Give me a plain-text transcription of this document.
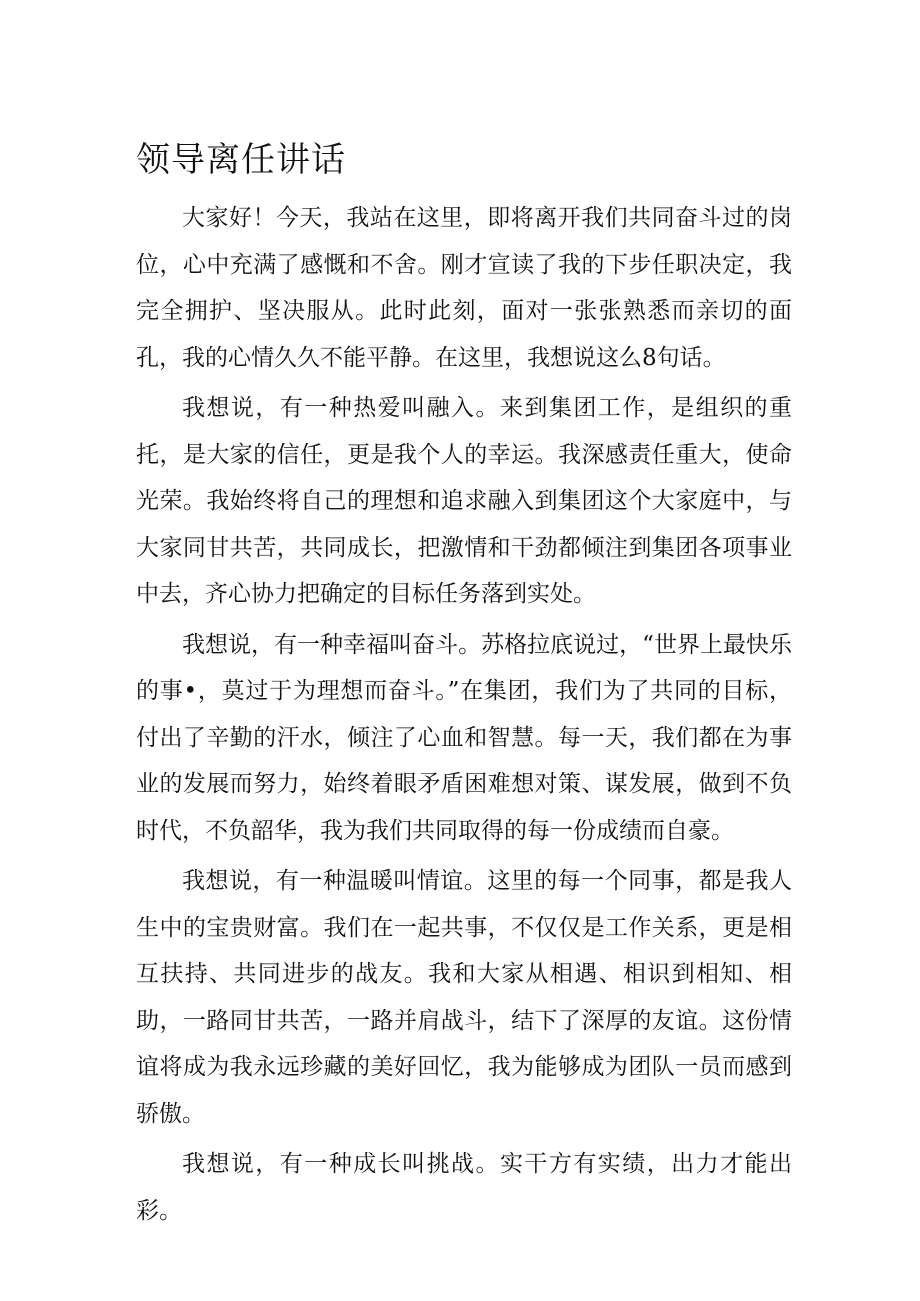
领导离任讲话

大家好！今天，我站在这里，即将离开我们共同奋斗过的岗位，心中充满了感慨和不舍。刚才宣读了我的下步任职决定，我完全拥护、坚决服从。此时此刻，面对一张张熟悉而亲切的面孔，我的心情久久不能平静。在这里，我想说这么8句话。

我想说，有一种热爱叫融入。来到集团工作，是组织的重托，是大家的信任，更是我个人的幸运。我深感责任重大，使命光荣。我始终将自己的理想和追求融入到集团这个大家庭中，与大家同甘共苦，共同成长，把激情和干劲都倾注到集团各项事业中去，齐心协力把确定的目标任务落到实处。

我想说，有一种幸福叫奋斗。苏格拉底说过，“世界上最快乐的事•，莫过于为理想而奋斗。”在集团，我们为了共同的目标，付出了辛勤的汗水，倾注了心血和智慧。每一天，我们都在为事业的发展而努力，始终着眼矛盾困难想对策、谋发展，做到不负时代，不负韶华，我为我们共同取得的每一份成绩而自豪。

我想说，有一种温暖叫情谊。这里的每一个同事，都是我人生中的宝贵财富。我们在一起共事，不仅仅是工作关系，更是相互扶持、共同进步的战友。我和大家从相遇、相识到相知、相助，一路同甘共苦，一路并肩战斗，结下了深厚的友谊。这份情谊将成为我永远珍藏的美好回忆，我为能够成为团队一员而感到骄傲。

我想说，有一种成长叫挑战。实干方有实绩，出力才能出彩。
